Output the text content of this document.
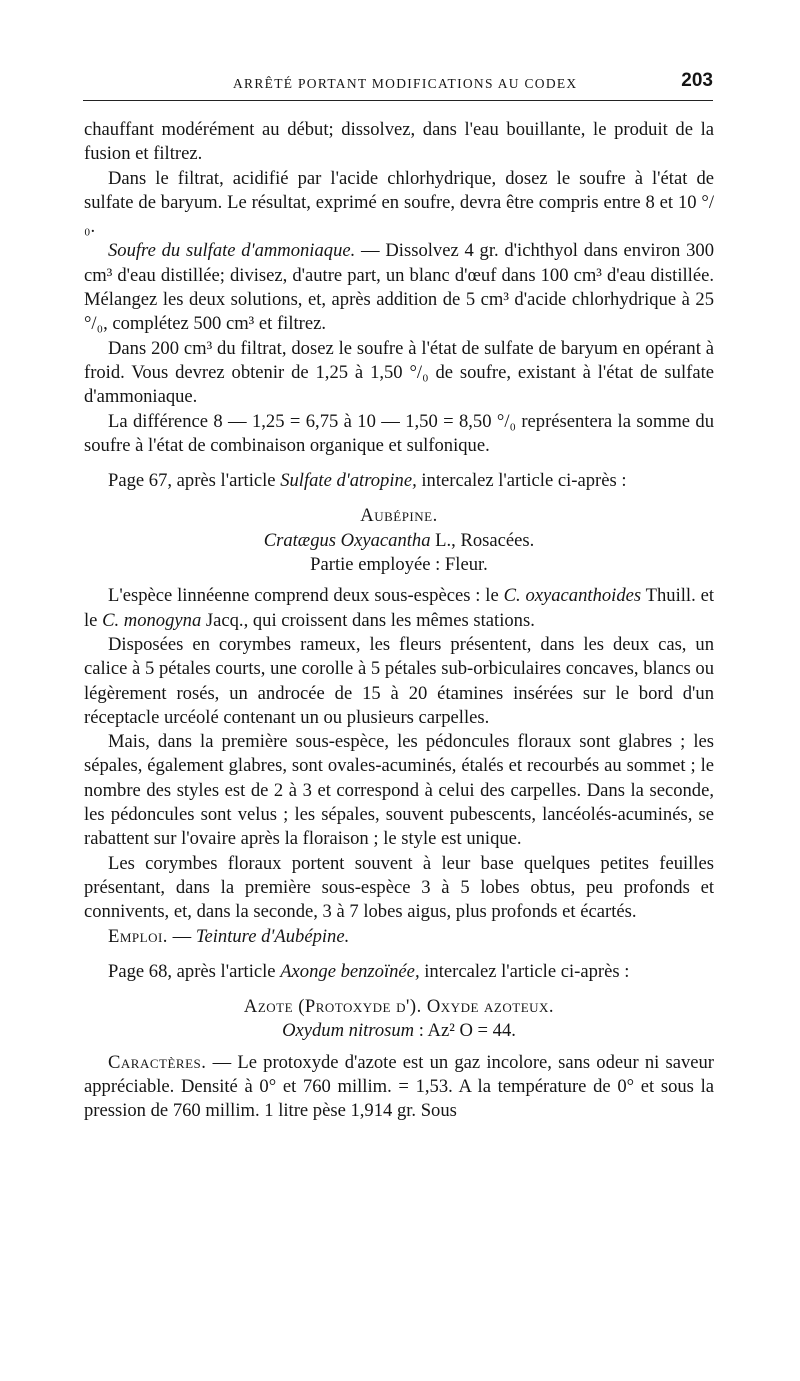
ARRÊTÉ PORTANT MODIFICATIONS AU CODEX	203

chauffant modérément au début; dissolvez, dans l'eau bouillante, le produit de la fusion et filtrez.

Dans le filtrat, acidifié par l'acide chlorhydrique, dosez le soufre à l'état de sulfate de baryum. Le résultat, exprimé en soufre, devra être compris entre 8 et 10 °/₀.

Soufre du sulfate d'ammoniaque. — Dissolvez 4 gr. d'ichthyol dans environ 300 cm³ d'eau distillée; divisez, d'autre part, un blanc d'œuf dans 100 cm³ d'eau distillée. Mélangez les deux solutions, et, après addition de 5 cm³ d'acide chlorhydrique à 25 °/₀, complétez 500 cm³ et filtrez.

Dans 200 cm³ du filtrat, dosez le soufre à l'état de sulfate de baryum en opérant à froid. Vous devrez obtenir de 1,25 à 1,50 °/₀ de soufre, existant à l'état de sulfate d'ammoniaque.

La différence 8 — 1,25 = 6,75 à 10 — 1,50 = 8,50 °/₀ représentera la somme du soufre à l'état de combinaison organique et sulfonique.

Page 67, après l'article Sulfate d'atropine, intercalez l'article ci-après :

Aubépine.

Cratægus Oxyacantha L., Rosacées.

Partie employée : Fleur.

L'espèce linnéenne comprend deux sous-espèces : le C. oxyacanthoides Thuill. et le C. monogyna Jacq., qui croissent dans les mêmes stations.

Disposées en corymbes rameux, les fleurs présentent, dans les deux cas, un calice à 5 pétales courts, une corolle à 5 pétales sub-orbiculaires concaves, blancs ou légèrement rosés, un androcée de 15 à 20 étamines insérées sur le bord d'un réceptacle urcéolé contenant un ou plusieurs carpelles.

Mais, dans la première sous-espèce, les pédoncules floraux sont glabres ; les sépales, également glabres, sont ovales-acuminés, étalés et recourbés au sommet ; le nombre des styles est de 2 à 3 et correspond à celui des carpelles. Dans la seconde, les pédoncules sont velus ; les sépales, souvent pubescents, lancéolés-acuminés, se rabattent sur l'ovaire après la floraison ; le style est unique.

Les corymbes floraux portent souvent à leur base quelques petites feuilles présentant, dans la première sous-espèce 3 à 5 lobes obtus, peu profonds et connivents, et, dans la seconde, 3 à 7 lobes aigus, plus profonds et écartés.

Emploi. — Teinture d'Aubépine.

Page 68, après l'article Axonge benzoïnée, intercalez l'article ci-après :

Azote (Protoxyde d'). Oxyde azoteux.

Oxydum nitrosum : Az² O = 44.

Caractères. — Le protoxyde d'azote est un gaz incolore, sans odeur ni saveur appréciable. Densité à 0° et 760 millim. = 1,53. A la température de 0° et sous la pression de 760 millim. 1 litre pèse 1,914 gr. Sous
